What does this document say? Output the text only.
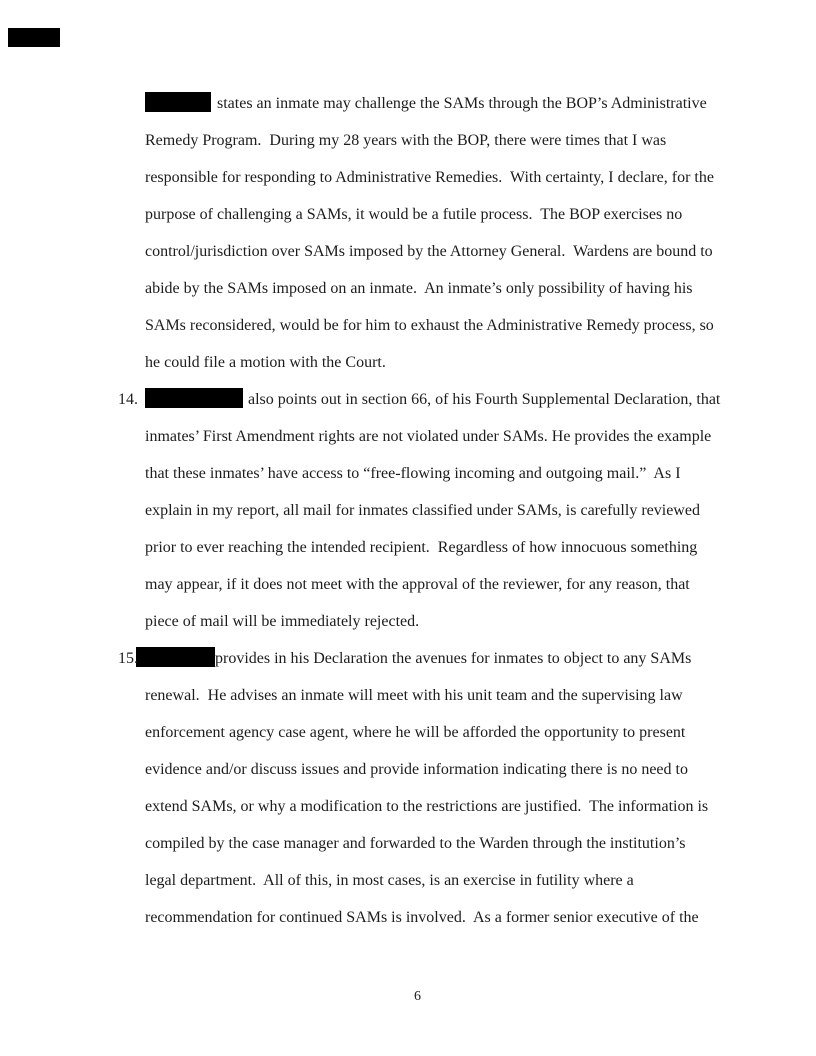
states an inmate may challenge the SAMs through the BOP’s Administrative
Remedy Program.  During my 28 years with the BOP, there were times that I was
responsible for responding to Administrative Remedies.  With certainty, I declare, for the
purpose of challenging a SAMs, it would be a futile process.  The BOP exercises no
control/jurisdiction over SAMs imposed by the Attorney General.  Wardens are bound to
abide by the SAMs imposed on an inmate.  An inmate’s only possibility of having his
SAMs reconsidered, would be for him to exhaust the Administrative Remedy process, so
he could file a motion with the Court.
14.	also points out in section 66, of his Fourth Supplemental Declaration, that
inmates’ First Amendment rights are not violated under SAMs. He provides the example
that these inmates’ have access to “free-flowing incoming and outgoing mail.”  As I
explain in my report, all mail for inmates classified under SAMs, is carefully reviewed
prior to ever reaching the intended recipient.  Regardless of how innocuous something
may appear, if it does not meet with the approval of the reviewer, for any reason, that
piece of mail will be immediately rejected.
15.	provides in his Declaration the avenues for inmates to object to any SAMs
renewal.  He advises an inmate will meet with his unit team and the supervising law
enforcement agency case agent, where he will be afforded the opportunity to present
evidence and/or discuss issues and provide information indicating there is no need to
extend SAMs, or why a modification to the restrictions are justified.  The information is
compiled by the case manager and forwarded to the Warden through the institution’s
legal department.  All of this, in most cases, is an exercise in futility where a
recommendation for continued SAMs is involved.  As a former senior executive of the
6
